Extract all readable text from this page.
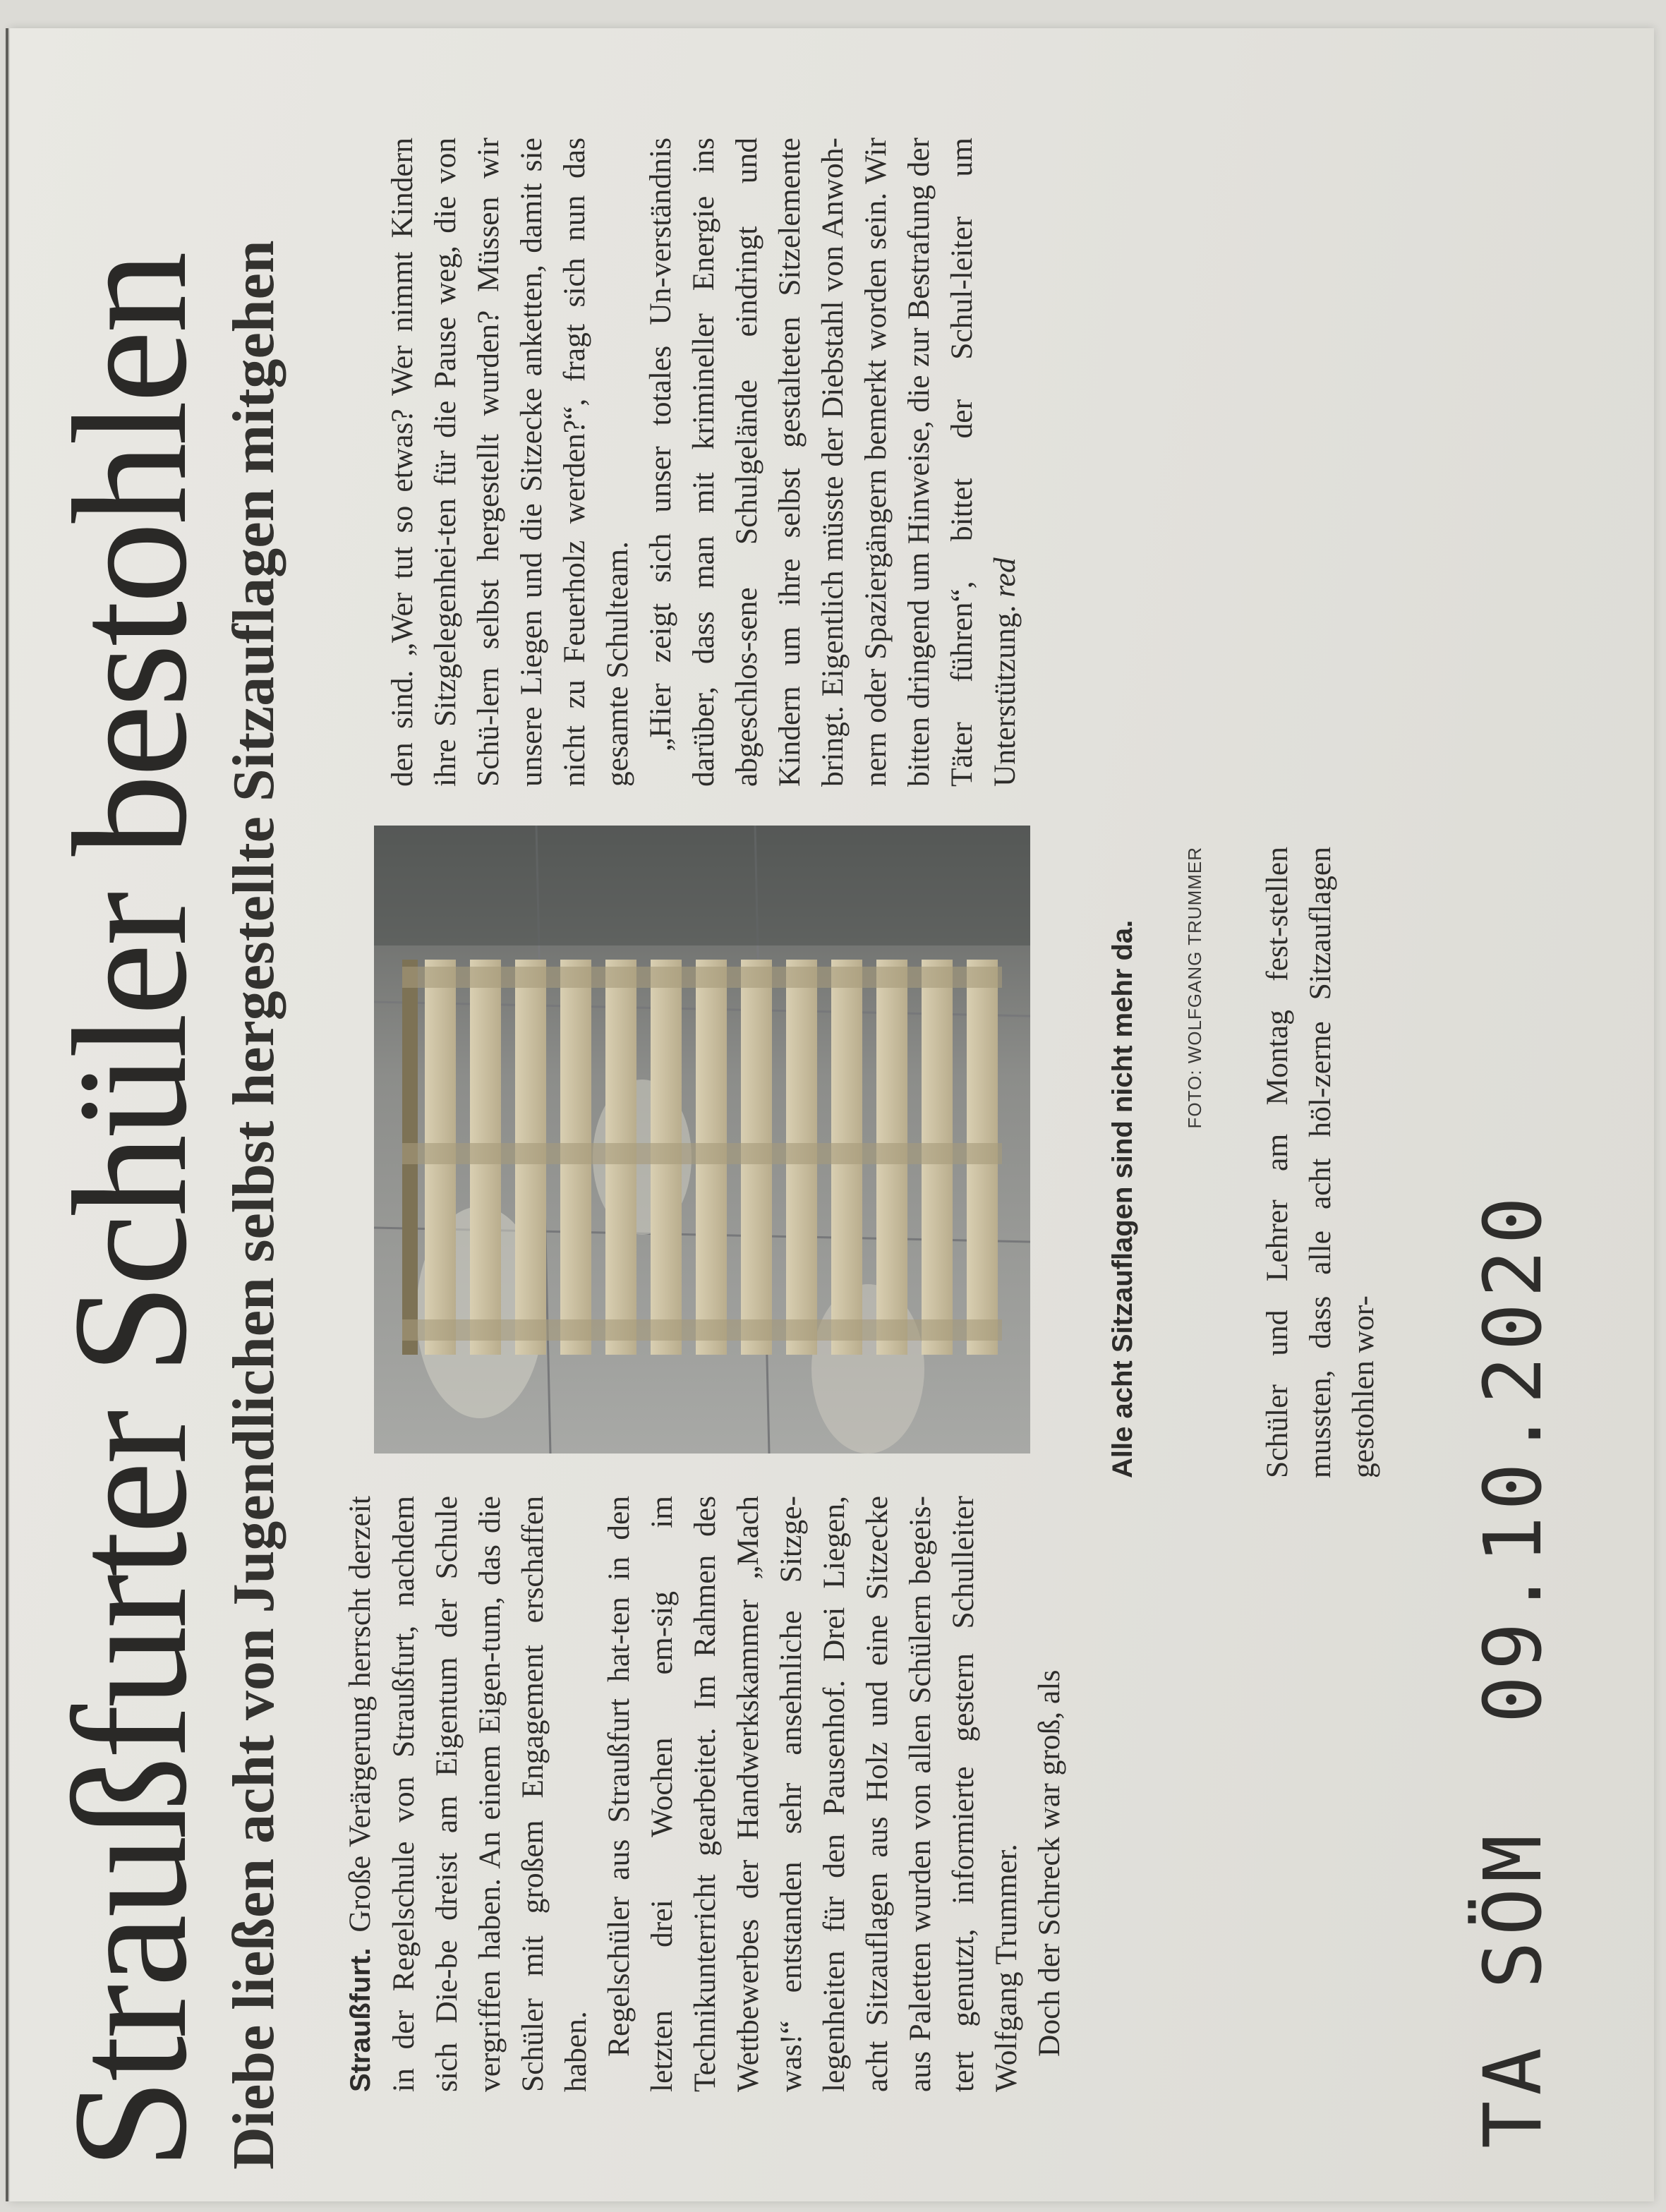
Straußfurter Schüler bestohlen Diebe ließen acht von Jugendlichen selbst hergestellte Sitzauflagen mitgehen Straußfurt.Große Verärgerung herrscht derzeit in der Regelschule von Straußfurt, nachdem sich Die-be dreist am Eigentum der Schule vergriffen haben. An einem Eigen-tum, das die Schüler mit großem Engagement erschaffen haben. Regelschüler aus Straußfurt hat-ten in den letzten drei Wochen em-sig im Technikunterricht gearbeitet. Im Rahmen des Wettbewerbes der Handwerkskammer „Mach was!“ entstanden sehr ansehnliche Sitzge-legenheiten für den Pausenhof. Drei Liegen, acht Sitzauflagen aus Holz und eine Sitzecke aus Paletten wurden von allen Schülern begeis-tert genutzt, informierte gestern Schulleiter Wolfgang Trummer. Doch der Schreck war groß, als

Alle acht Sitzauflagen sind nicht mehr da.	FOTO: WOLFGANG TRUMMER Schüler und Lehrer am Montag fest-stellen mussten, dass alle acht höl-zerne Sitzauflagen gestohlen wor-

den sind. „Wer tut so etwas? Wer nimmt Kindern ihre Sitzgelegenhei-ten für die Pause weg, die von Schü-lern selbst hergestellt wurden? Müssen wir unsere Liegen und die Sitzecke anketten, damit sie nicht zu Feuerholz werden?“, fragt sich nun das gesamte Schulteam. „Hier zeigt sich unser totales Un-verständnis darüber, dass man mit krimineller Energie ins abgeschlos-sene Schulgelände eindringt und Kindern um ihre selbst gestalteten Sitzelemente bringt. Eigentlich müsste der Diebstahl von Anwoh-nern oder Spaziergängern bemerkt worden sein. Wir bitten dringend um Hinweise, die zur Bestrafung der Täter führen“, bittet der Schul-leiter um Unterstützung. red

TA SÖM09.10.2020
